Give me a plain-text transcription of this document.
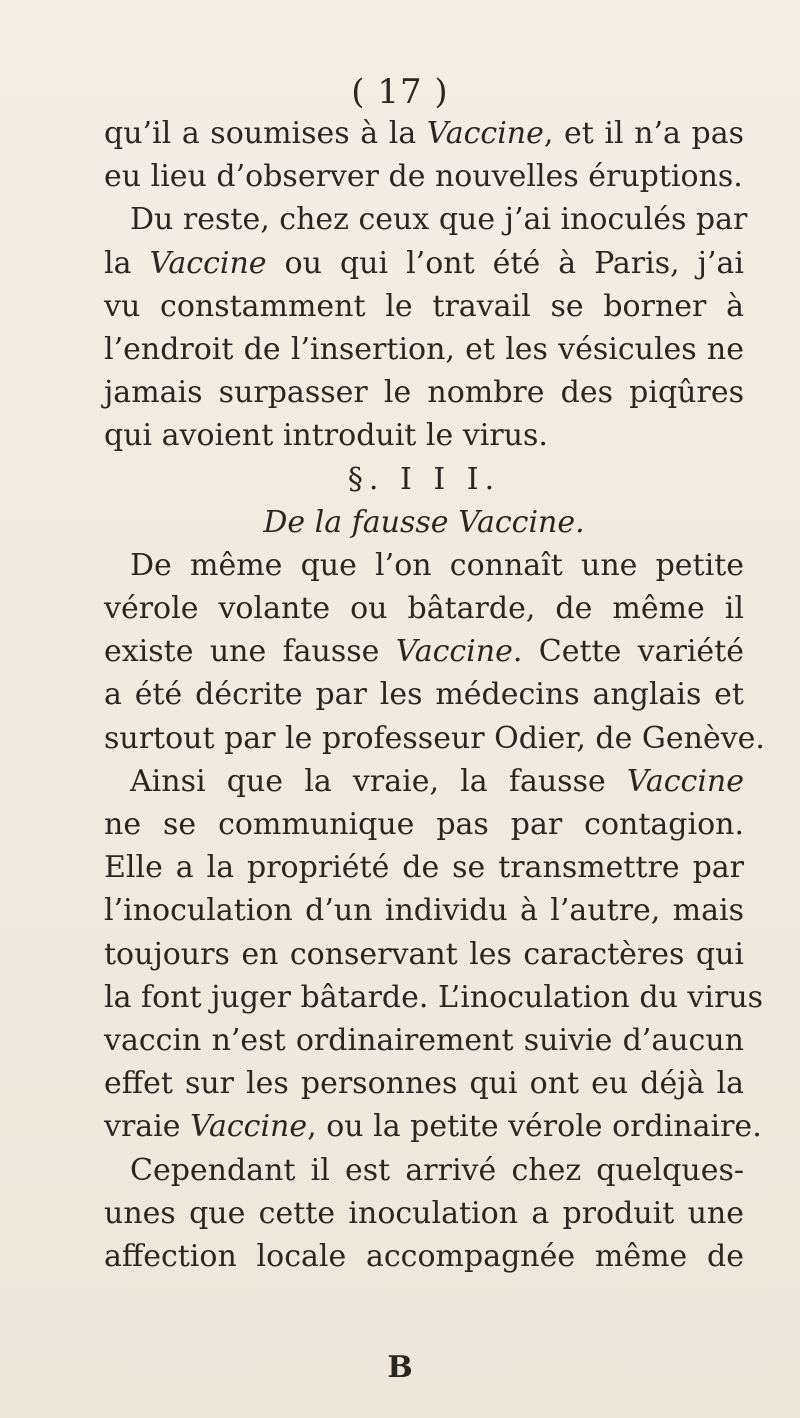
( 17 )
qu’il a soumises à la Vaccine, et il n’a pas
eu lieu d’observer de nouvelles éruptions.
Du reste, chez ceux que j’ai inoculés par
la Vaccine ou qui l’ont été à Paris, j’ai
vu constamment le travail se borner à
l’endroit de l’insertion, et les vésicules ne
jamais surpasser le nombre des piqûres
qui avoient introduit le virus.
§. I I I.
De la fausse Vaccine.
De même que l’on connaît une petite
vérole volante ou bâtarde, de même il
existe une fausse Vaccine. Cette variété
a été décrite par les médecins anglais et
surtout par le professeur Odier, de Genève.
Ainsi que la vraie, la fausse Vaccine
ne se communique pas par contagion.
Elle a la propriété de se transmettre par
l’inoculation d’un individu à l’autre, mais
toujours en conservant les caractères qui
la font juger bâtarde. L’inoculation du virus
vaccin n’est ordinairement suivie d’aucun
effet sur les personnes qui ont eu déjà la
vraie Vaccine, ou la petite vérole ordinaire.
Cependant il est arrivé chez quelques-
unes que cette inoculation a produit une
affection locale accompagnée même de
B
